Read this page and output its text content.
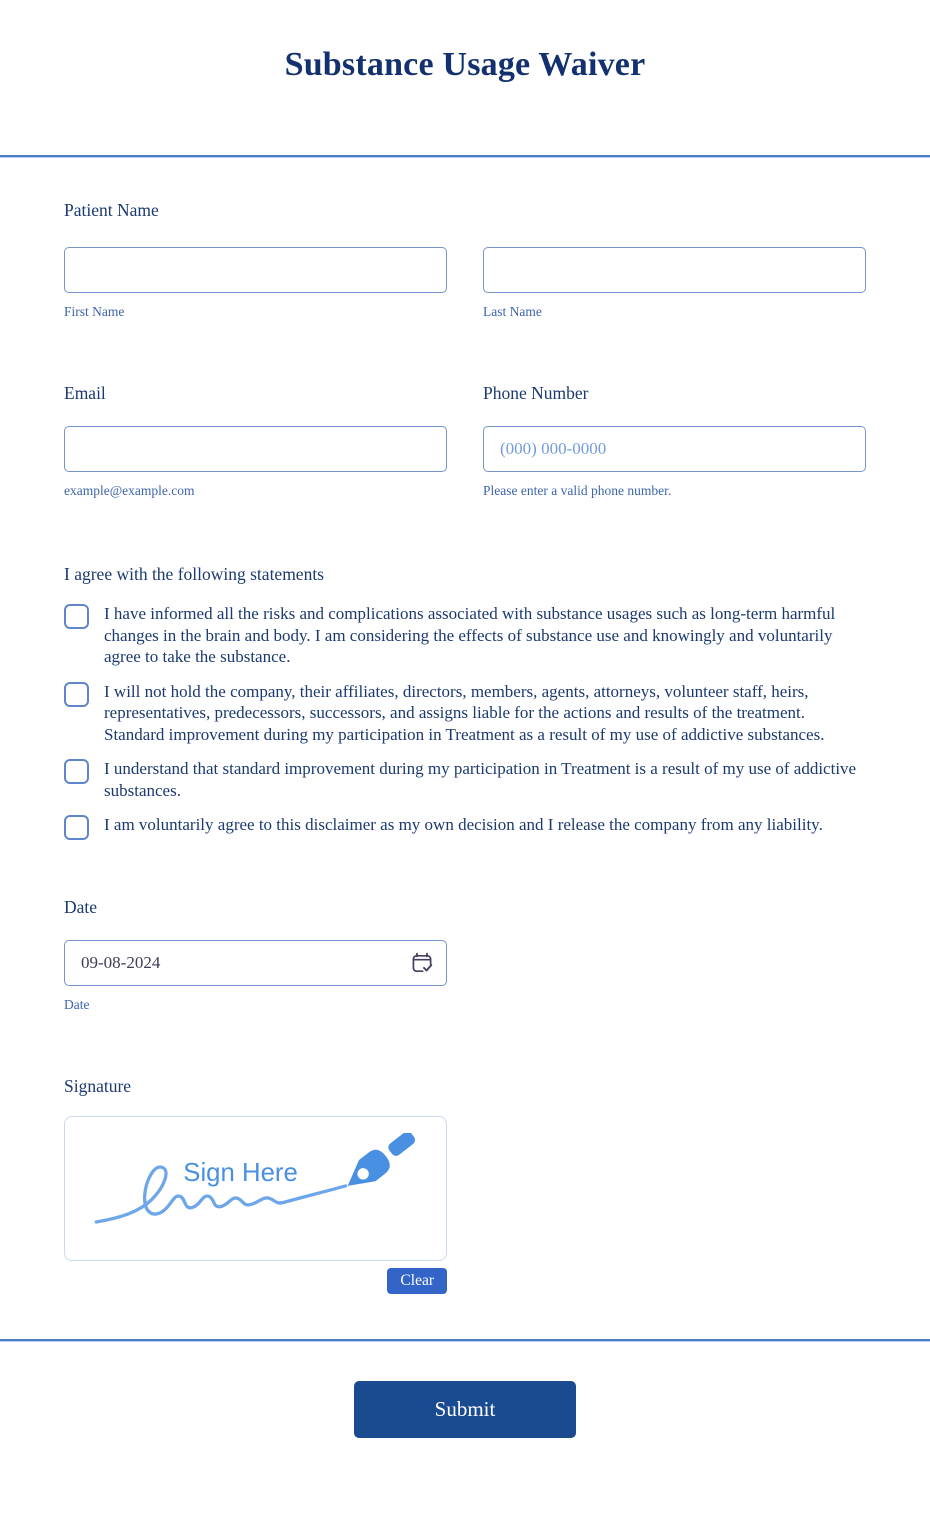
Substance Usage Waiver
Patient Name
First Name	Last Name
Email
example@example.com
Phone Number
(000) 000-0000
Please enter a valid phone number.
I agree with the following statements
I have informed all the risks and complications associated with substance usages such as long-term harmful changes in the brain and body. I am considering the effects of substance use and knowingly and voluntarily agree to take the substance.
I will not hold the company, their affiliates, directors, members, agents, attorneys, volunteer staff, heirs, representatives, predecessors, successors, and assigns liable for the actions and results of the treatment. Standard improvement during my participation in Treatment as a result of my use of addictive substances.
I understand that standard improvement during my participation in Treatment is a result of my use of addictive substances.
I am voluntarily agree to this disclaimer as my own decision and I release the company from any liability.
Date
09-08-2024
Date
Signature
Sign Here
Clear
Submit
